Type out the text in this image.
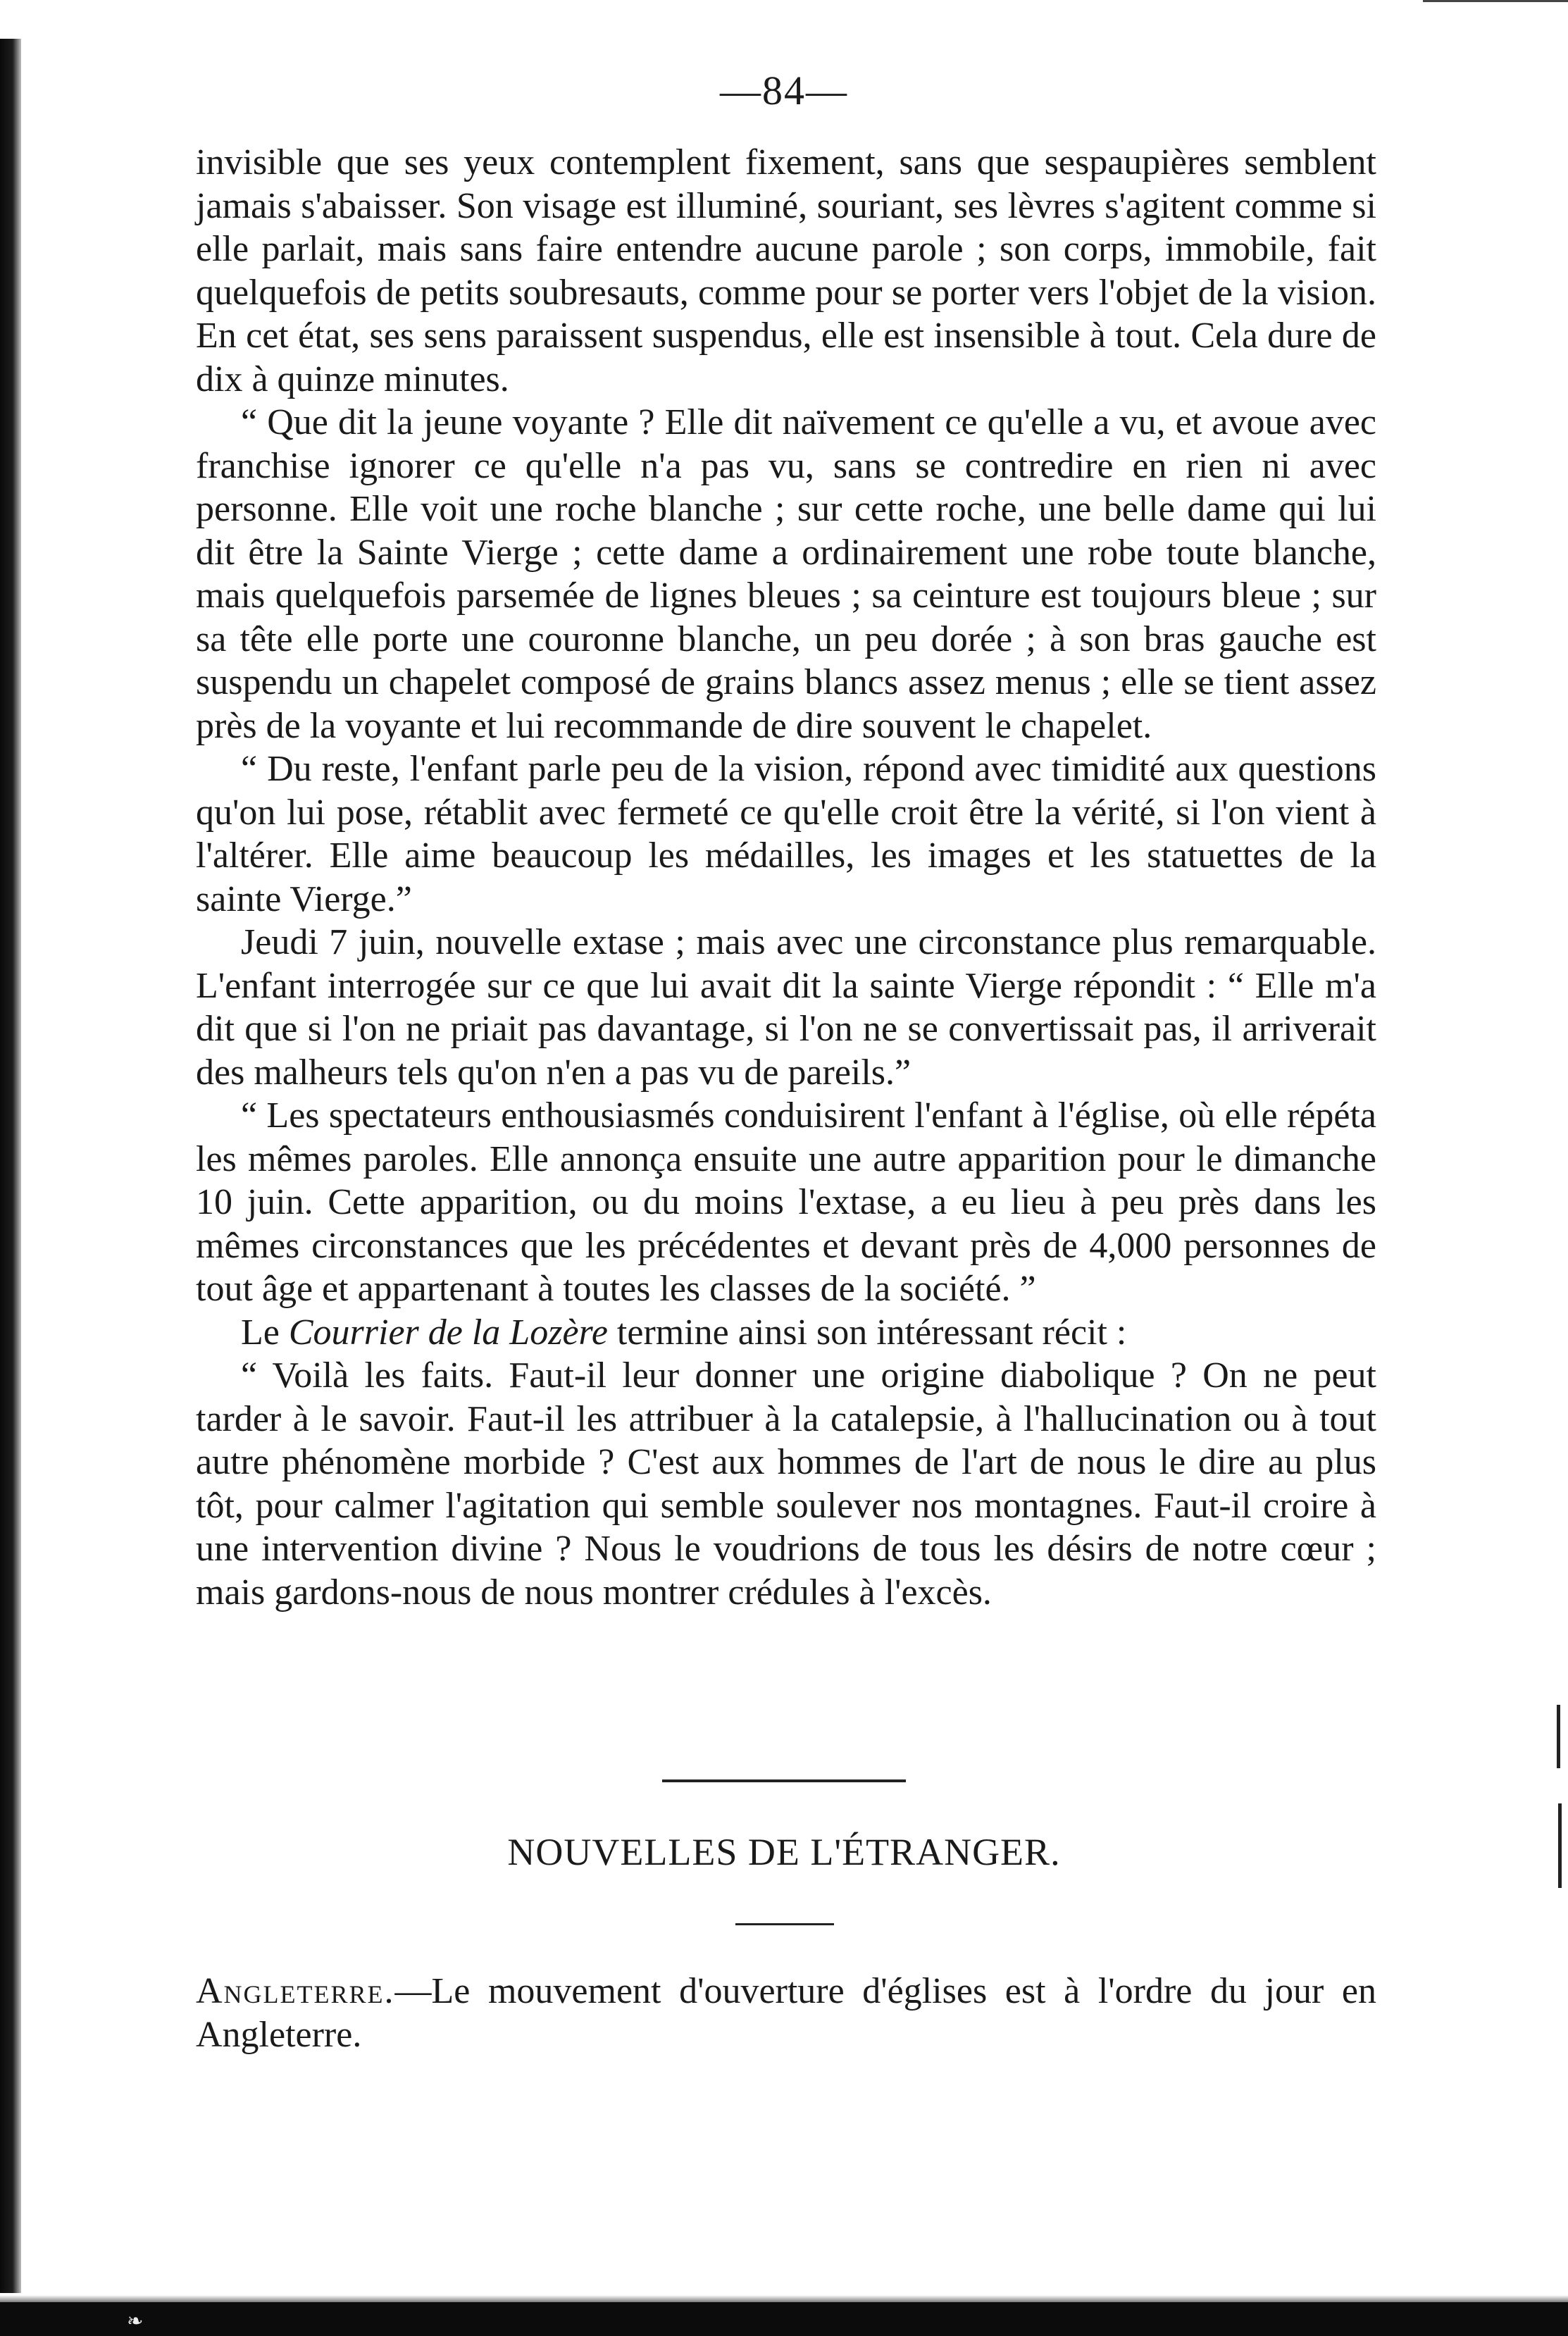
—84—

invisible que ses yeux contemplent fixement, sans que sespaupières semblent jamais s'abaisser. Son visage est illuminé, souriant, ses lèvres s'agitent comme si elle parlait, mais sans faire entendre aucune parole ; son corps, immobile, fait quelquefois de petits soubresauts, comme pour se porter vers l'objet de la vision. En cet état, ses sens paraissent suspendus, elle est insensible à tout. Cela dure de dix à quinze minutes.

“ Que dit la jeune voyante ? Elle dit naïvement ce qu'elle a vu, et avoue avec franchise ignorer ce qu'elle n'a pas vu, sans se contredire en rien ni avec personne. Elle voit une roche blanche ; sur cette roche, une belle dame qui lui dit être la Sainte Vierge ; cette dame a ordinairement une robe toute blanche, mais quelquefois parsemée de lignes bleues ; sa ceinture est toujours bleue ; sur sa tête elle porte une couronne blanche, un peu dorée ; à son bras gauche est suspendu un chapelet composé de grains blancs assez menus ; elle se tient assez près de la voyante et lui recommande de dire souvent le chapelet.

“ Du reste, l'enfant parle peu de la vision, répond avec timidité aux questions qu'on lui pose, rétablit avec fermeté ce qu'elle croit être la vérité, si l'on vient à l'altérer. Elle aime beaucoup les médailles, les images et les statuettes de la sainte Vierge.”

Jeudi 7 juin, nouvelle extase ; mais avec une circonstance plus remarquable. L'enfant interrogée sur ce que lui avait dit la sainte Vierge répondit : “ Elle m'a dit que si l'on ne priait pas davantage, si l'on ne se convertissait pas, il arriverait des malheurs tels qu'on n'en a pas vu de pareils.”

“ Les spectateurs enthousiasmés conduisirent l'enfant à l'église, où elle répéta les mêmes paroles. Elle annonça ensuite une autre apparition pour le dimanche 10 juin. Cette apparition, ou du moins l'extase, a eu lieu à peu près dans les mêmes circonstances que les précédentes et devant près de 4,000 personnes de tout âge et appartenant à toutes les classes de la société. ”

Le Courrier de la Lozère termine ainsi son intéressant récit :

“ Voilà les faits. Faut-il leur donner une origine diabolique ? On ne peut tarder à le savoir. Faut-il les attribuer à la catalepsie, à l'hallucination ou à tout autre phénomène morbide ? C'est aux hommes de l'art de nous le dire au plus tôt, pour calmer l'agitation qui semble soulever nos montagnes. Faut-il croire à une intervention divine ? Nous le voudrions de tous les désirs de notre cœur ; mais gardons-nous de nous montrer crédules à l'excès.

NOUVELLES DE L'ÉTRANGER.
Angleterre.—Le mouvement d'ouverture d'églises est à l'ordre du jour en Angleterre.
❧
